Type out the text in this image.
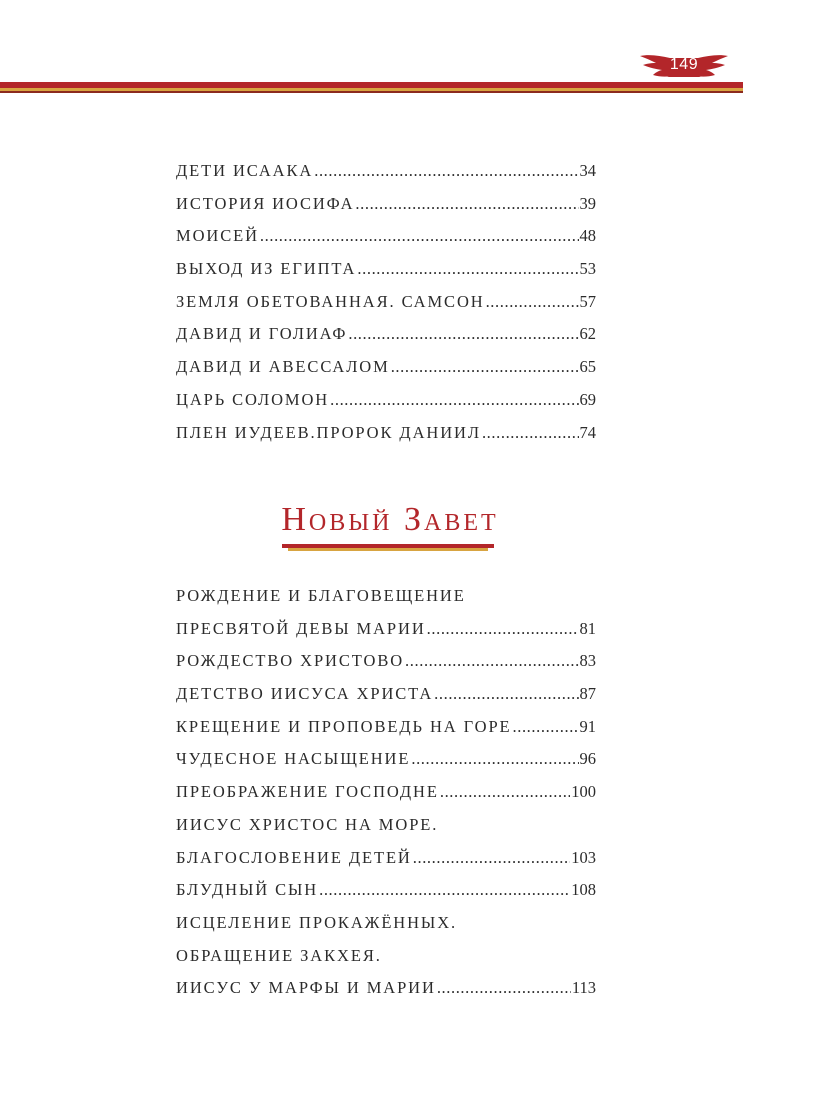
149
ДЕТИ ИСААКА .....	34
ИСТОРИЯ ИОСИФА .....	39
МОИСЕЙ .....	48
ВЫХОД ИЗ ЕГИПТА .....	53
ЗЕМЛЯ ОБЕТОВАННАЯ. САМСОН .....	57
ДАВИД И ГОЛИАФ .....	62
ДАВИД И АВЕССАЛОМ .....	65
ЦАРЬ СОЛОМОН .....	69
ПЛЕН ИУДЕЕВ.ПРОРОК ДАНИИЛ .....	74
Новый Завет
РОЖДЕНИЕ И БЛАГОВЕЩЕНИЕ
ПРЕСВЯТОЙ ДЕВЫ МАРИИ .....	81
РОЖДЕСТВО ХРИСТОВО .....	83
ДЕТСТВО ИИСУСА ХРИСТА .....	87
КРЕЩЕНИЕ И ПРОПОВЕДЬ НА ГОРЕ .....	91
ЧУДЕСНОЕ НАСЫЩЕНИЕ .....	96
ПРЕОБРАЖЕНИЕ ГОСПОДНЕ .....	100
ИИСУС ХРИСТОС НА МОРЕ.
БЛАГОСЛОВЕНИЕ ДЕТЕЙ .....	103
БЛУДНЫЙ СЫН .....	108
ИСЦЕЛЕНИЕ ПРОКАЖЁННЫХ.
ОБРАЩЕНИЕ ЗАКХЕЯ.
ИИСУС У МАРФЫ И МАРИИ .....	113
